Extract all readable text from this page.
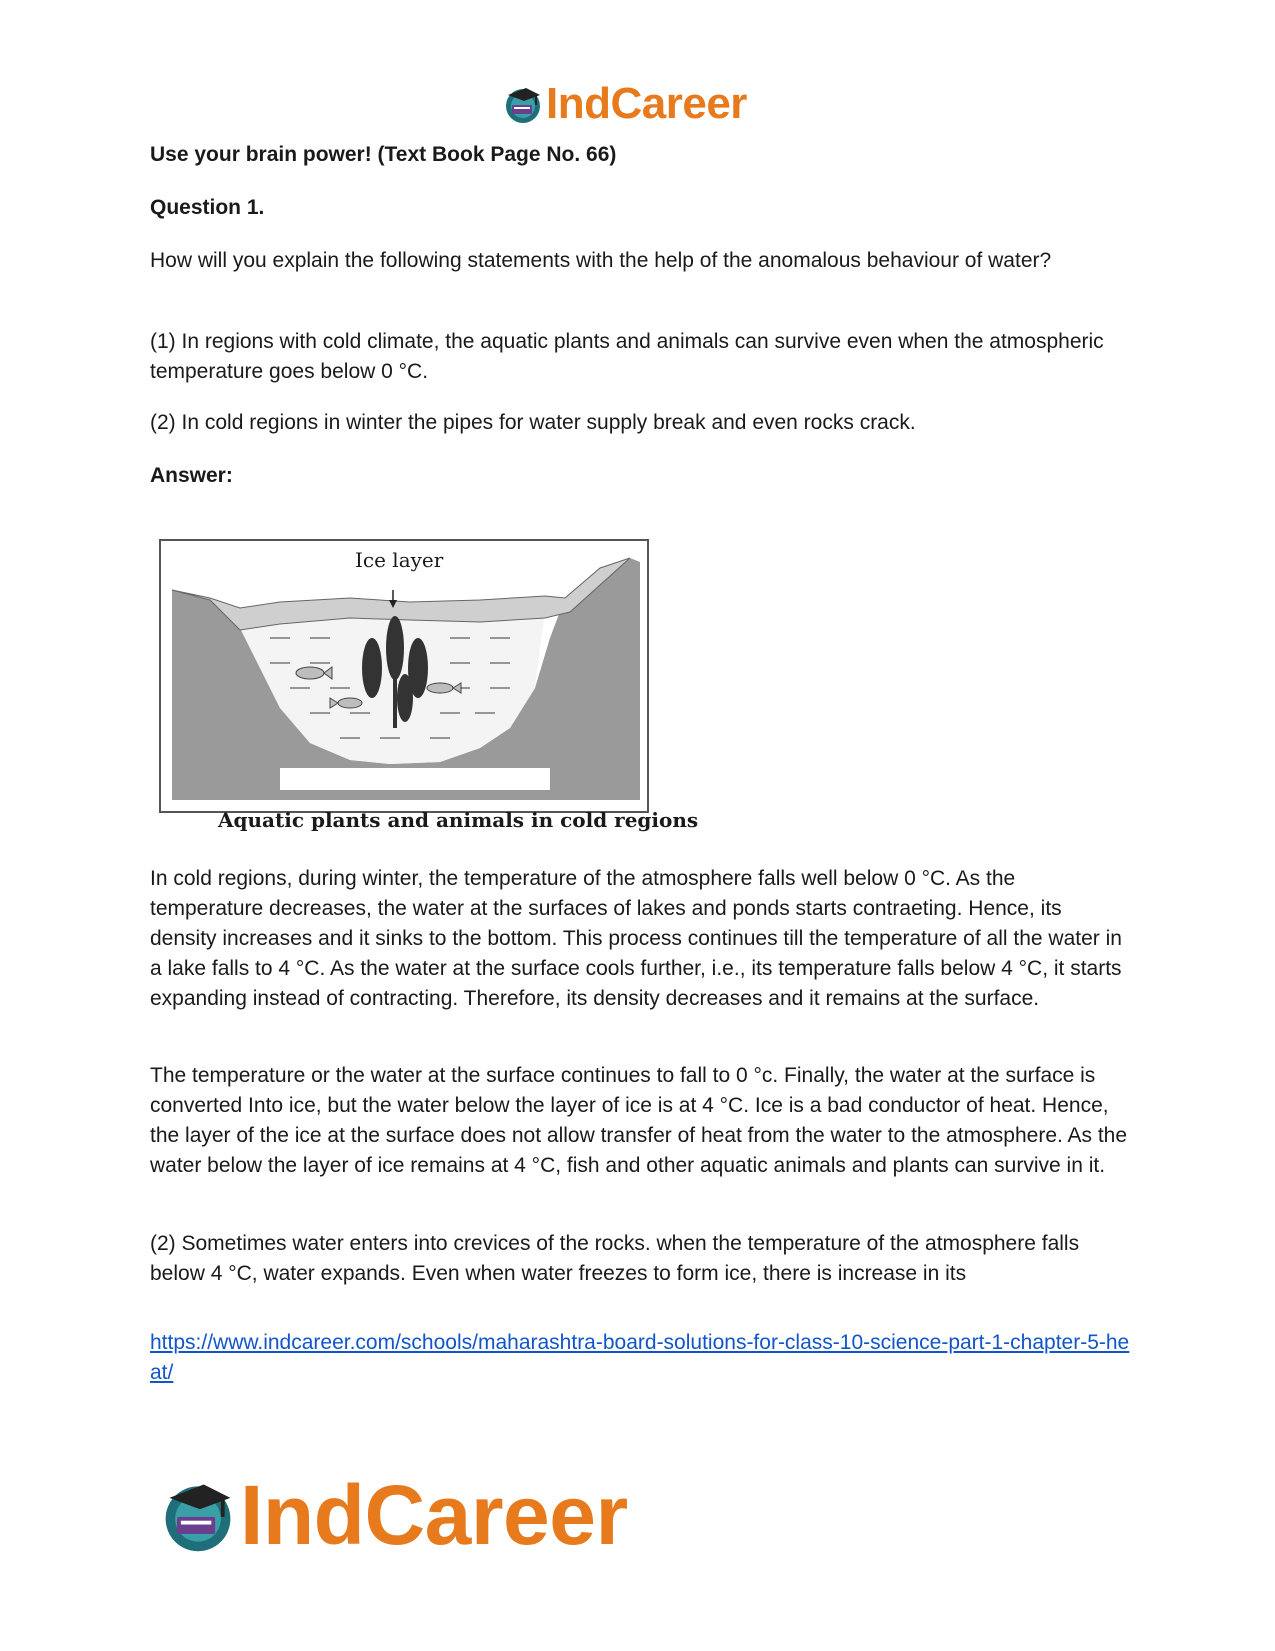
IndCareer

Use your brain power! (Text Book Page No. 66)

Question 1.

How will you explain the following statements with the help of the anomalous behaviour of water?

(1) In regions with cold climate, the aquatic plants and animals can survive even when the atmospheric temperature goes below 0 °C.

(2) In cold regions in winter the pipes for water supply break and even rocks crack.

Answer:

Ice layer
Aquatic plants and animals in cold regions

In cold regions, during winter, the temperature of the atmosphere falls well below 0 °C. As the temperature decreases, the water at the surfaces of lakes and ponds starts contraeting. Hence, its density increases and it sinks to the bottom. This process continues till the temperature of all the water in a lake falls to 4 °C. As the water at the surface cools further, i.e., its temperature falls below 4 °C, it starts expanding instead of contracting. Therefore, its density decreases and it remains at the surface.

The temperature or the water at the surface continues to fall to 0 °c. Finally, the water at the surface is converted Into ice, but the water below the layer of ice is at 4 °C. Ice is a bad conductor of heat. Hence, the layer of the ice at the surface does not allow transfer of heat from the water to the atmosphere. As the water below the layer of ice remains at 4 °C, fish and other aquatic animals and plants can survive in it.

(2) Sometimes water enters into crevices of the rocks. when the temperature of the atmosphere falls below 4 °C, water expands. Even when water freezes to form ice, there is increase in its

https://www.indcareer.com/schools/maharashtra-board-solutions-for-class-10-science-part-1-chapter-5-heat/
IndCareer
